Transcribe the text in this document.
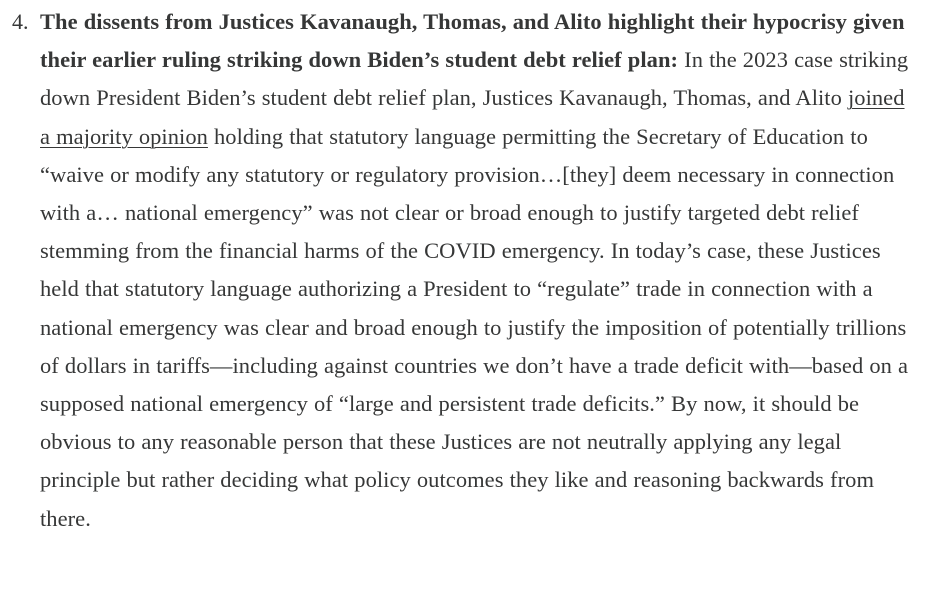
4. The dissents from Justices Kavanaugh, Thomas, and Alito highlight their hypocrisy given their earlier ruling striking down Biden’s student debt relief plan: In the 2023 case striking down President Biden’s student debt relief plan, Justices Kavanaugh, Thomas, and Alito joined a majority opinion holding that statutory language permitting the Secretary of Education to “waive or modify any statutory or regulatory provision…[they] deem necessary in connection with a… national emergency” was not clear or broad enough to justify targeted debt relief stemming from the financial harms of the COVID emergency. In today’s case, these Justices held that statutory language authorizing a President to “regulate” trade in connection with a national emergency was clear and broad enough to justify the imposition of potentially trillions of dollars in tariffs—including against countries we don’t have a trade deficit with—based on a supposed national emergency of “large and persistent trade deficits.” By now, it should be obvious to any reasonable person that these Justices are not neutrally applying any legal principle but rather deciding what policy outcomes they like and reasoning backwards from there.
